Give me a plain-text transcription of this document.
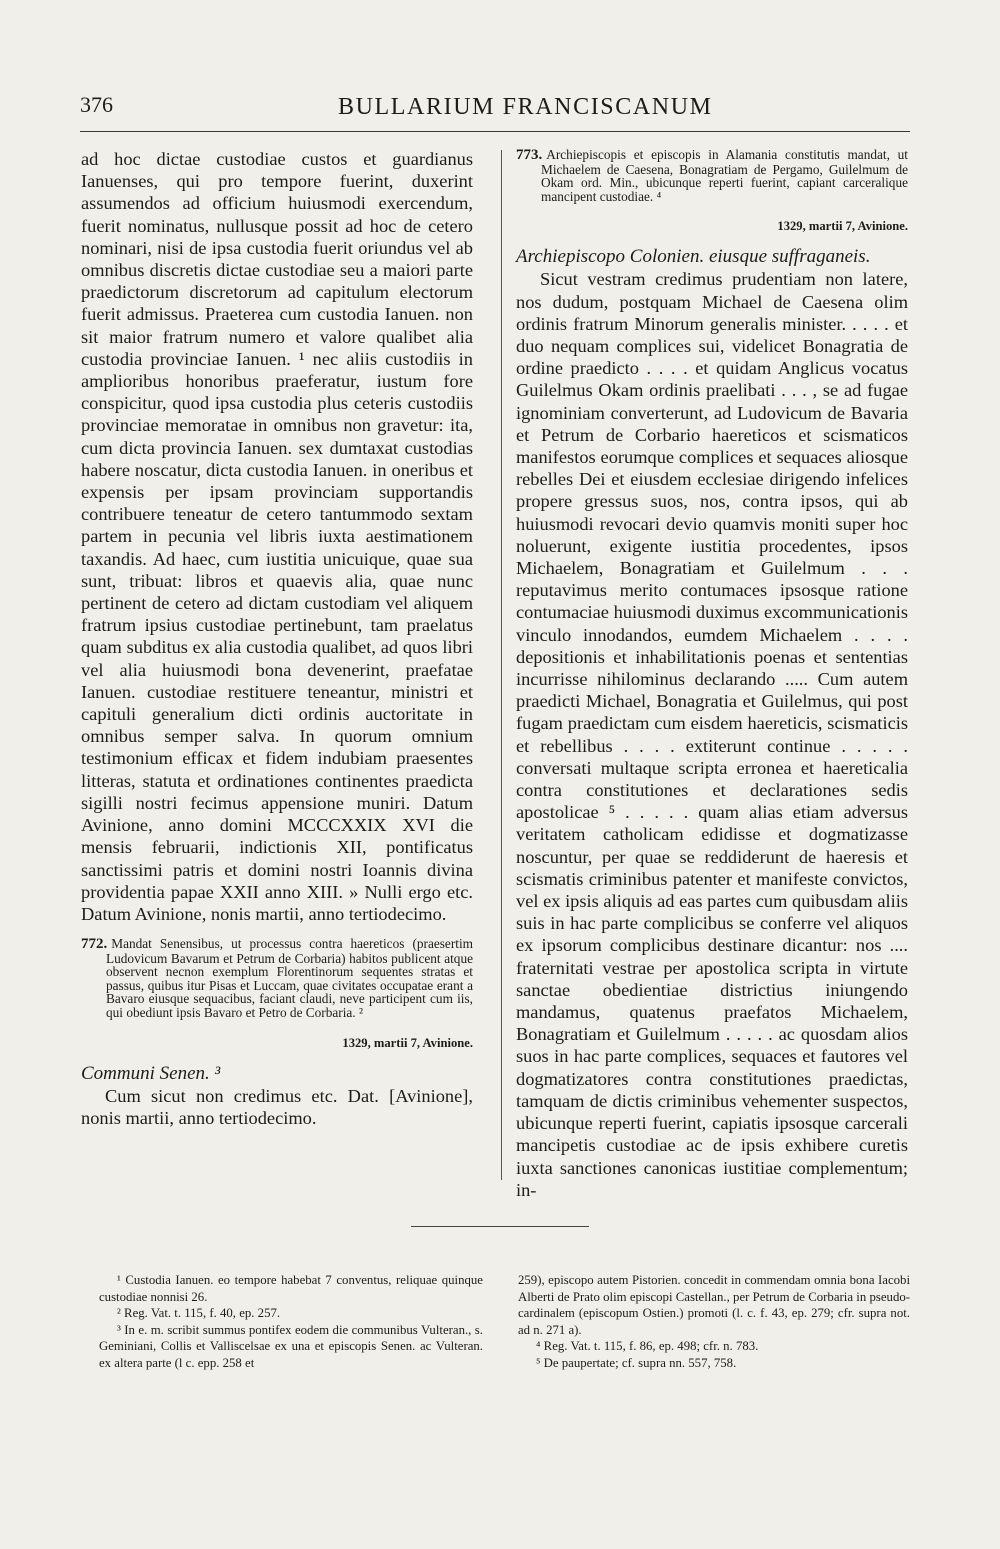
376	BULLARIUM FRANCISCANUM

ad hoc dictae custodiae custos et guardianus Ianuenses, qui pro tempore fuerint, duxerint assumendos ad officium huiusmodi exercendum, fuerit nominatus, nullusque possit ad hoc de cetero nominari, nisi de ipsa custodia fuerit oriundus vel ab omnibus discretis dictae custodiae seu a maiori parte praedictorum discretorum ad capitulum electorum fuerit admissus. Praeterea cum custodia Ianuen. non sit maior fratrum numero et valore qualibet alia custodia provinciae Ianuen. ¹ nec aliis custodiis in amplioribus honoribus praeferatur, iustum fore conspicitur, quod ipsa custodia plus ceteris custodiis provinciae memoratae in omnibus non gravetur: ita, cum dicta provincia Ianuen. sex dumtaxat custodias habere noscatur, dicta custodia Ianuen. in oneribus et expensis per ipsam provinciam supportandis contribuere teneatur de cetero tantummodo sextam partem in pecunia vel libris iuxta aestimationem taxandis. Ad haec, cum iustitia unicuique, quae sua sunt, tribuat: libros et quaevis alia, quae nunc pertinent de cetero ad dictam custodiam vel aliquem fratrum ipsius custodiae pertinebunt, tam praelatus quam subditus ex alia custodia qualibet, ad quos libri vel alia huiusmodi bona devenerint, praefatae Ianuen. custodiae restituere teneantur, ministri et capituli generalium dicti ordinis auctoritate in omnibus semper salva. In quorum omnium testimonium efficax et fidem indubiam praesentes litteras, statuta et ordinationes continentes praedicta sigilli nostri fecimus appensione muniri. Datum Avinione, anno domini MCCCXXIX XVI die mensis februarii, indictionis XII, pontificatus sanctissimi patris et domini nostri Ioannis divina providentia papae XXII anno XIII. » Nulli ergo etc. Datum Avinione, nonis martii, anno tertiodecimo.

772. Mandat Senensibus, ut processus contra haereticos (praesertim Ludovicum Bavarum et Petrum de Corbaria) habitos publicent atque observent necnon exemplum Florentinorum sequentes stratas et passus, quibus itur Pisas et Luccam, quae civitates occupatae erant a Bavaro eiusque sequacibus, faciant claudi, neve participent cum iis, qui obediunt ipsis Bavaro et Petro de Corbaria. ²

1329, martii 7, Avinione.

Communi Senen. ³

Cum sicut non credimus etc. Dat. [Avinione], nonis martii, anno tertiodecimo.

773. Archiepiscopis et episcopis in Alamania constitutis mandat, ut Michaelem de Caesena, Bonagratiam de Pergamo, Guilelmum de Okam ord. Min., ubicunque reperti fuerint, capiant carceralique mancipent custodiae. ⁴

1329, martii 7, Avinione.

Archiepiscopo Colonien. eiusque suffraganeis.

Sicut vestram credimus prudentiam non latere, nos dudum, postquam Michael de Caesena olim ordinis fratrum Minorum generalis minister. . . . . et duo nequam complices sui, videlicet Bonagratia de ordine praedicto . . . . et quidam Anglicus vocatus Guilelmus Okam ordinis praelibati . . . , se ad fugae ignominiam converterunt, ad Ludovicum de Bavaria et Petrum de Corbario haereticos et scismaticos manifestos eorumque complices et sequaces aliosque rebelles Dei et eiusdem ecclesiae dirigendo infelices propere gressus suos, nos, contra ipsos, qui ab huiusmodi revocari devio quamvis moniti super hoc noluerunt, exigente iustitia procedentes, ipsos Michaelem, Bonagratiam et Guilelmum . . . reputavimus merito contumaces ipsosque ratione contumaciae huiusmodi duximus excommunicationis vinculo innodandos, eumdem Michaelem . . . . depositionis et inhabilitationis poenas et sententias incurrisse nihilominus declarando ..... Cum autem praedicti Michael, Bonagratia et Guilelmus, qui post fugam praedictam cum eisdem haereticis, scismaticis et rebellibus . . . . extiterunt continue . . . . . conversati multaque scripta erronea et haereticalia contra constitutiones et declarationes sedis apostolicae ⁵ . . . . . quam alias etiam adversus veritatem catholicam edidisse et dogmatizasse noscuntur, per quae se reddiderunt de haeresis et scismatis criminibus patenter et manifeste convictos, vel ex ipsis aliquis ad eas partes cum quibusdam aliis suis in hac parte complicibus se conferre vel aliquos ex ipsorum complicibus destinare dicantur: nos .... fraternitati vestrae per apostolica scripta in virtute sanctae obedientiae districtius iniungendo mandamus, quatenus praefatos Michaelem, Bonagratiam et Guilelmum . . . . . ac quosdam alios suos in hac parte complices, sequaces et fautores vel dogmatizatores contra constitutiones praedictas, tamquam de dictis criminibus vehementer suspectos, ubicunque reperti fuerint, capiatis ipsosque carcerali mancipetis custodiae ac de ipsis exhibere curetis iuxta sanctiones canonicas iustitiae complementum; in-

¹ Custodia Ianuen. eo tempore habebat 7 conventus, reliquae quinque custodiae nonnisi 26.

² Reg. Vat. t. 115, f. 40, ep. 257.

³ In e. m. scribit summus pontifex eodem die communibus Vulteran., s. Geminiani, Collis et Valliscelsae ex una et episcopis Senen. ac Vulteran. ex altera parte (l c. epp. 258 et

259), episcopo autem Pistorien. concedit in commendam omnia bona Iacobi Alberti de Prato olim episcopi Castellan., per Petrum de Corbaria in pseudo-cardinalem (episcopum Ostien.) promoti (l. c. f. 43, ep. 279; cfr. supra not. ad n. 271 a).

⁴ Reg. Vat. t. 115, f. 86, ep. 498; cfr. n. 783.

⁵ De paupertate; cf. supra nn. 557, 758.
